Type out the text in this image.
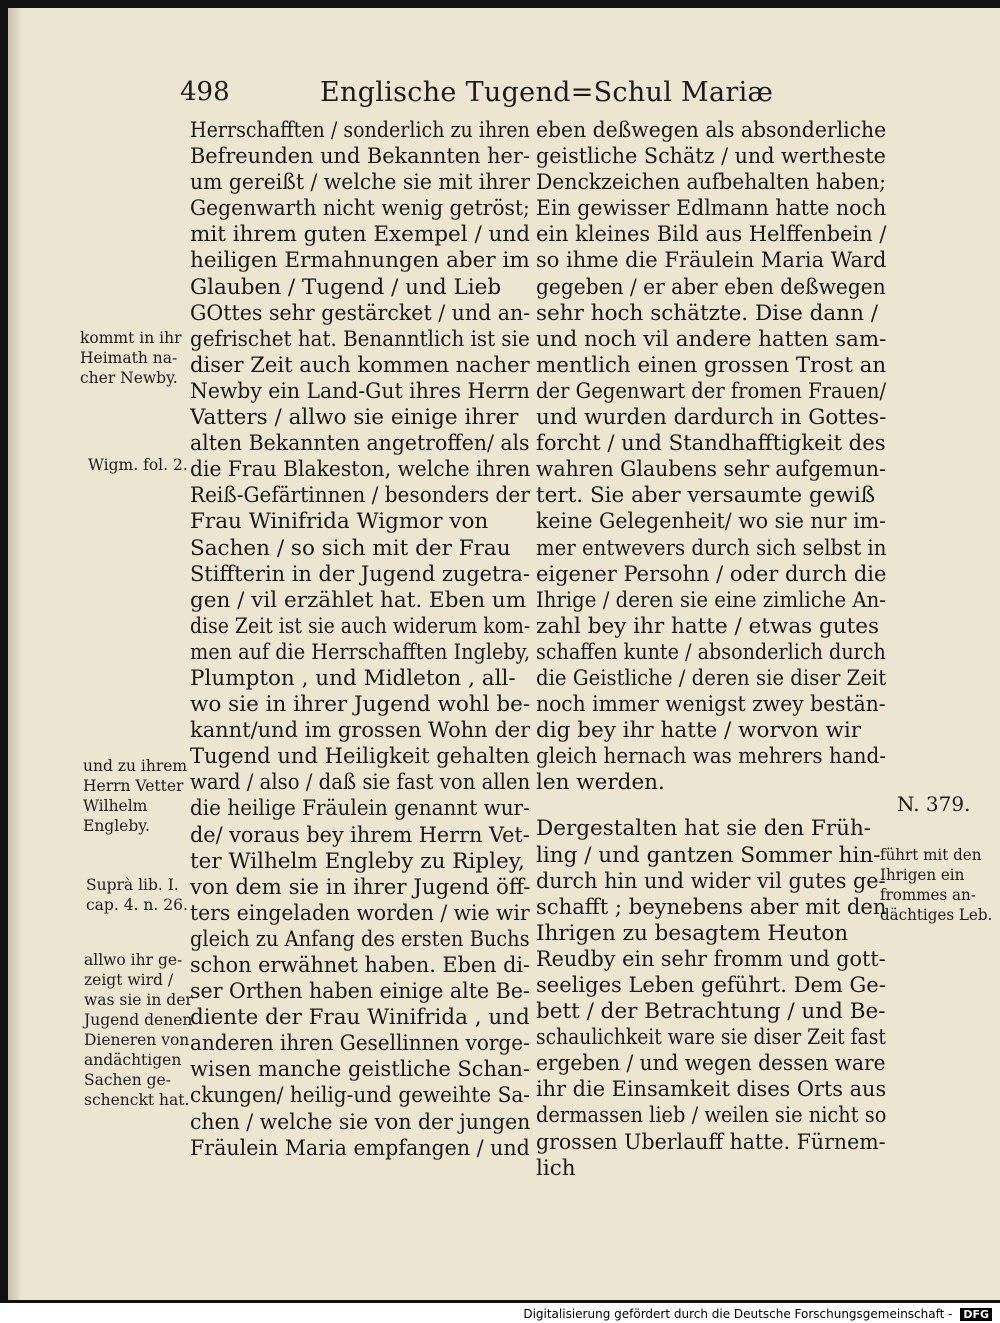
498	Englische Tugend=Schul Mariæ
N. 379.
Herrschafften / sonderlich zu ihren
Befreunden und Bekannten her-
um gereißt / welche sie mit ihrer
Gegenwarth nicht wenig getröst;
mit ihrem guten Exempel / und
heiligen Ermahnungen aber im
Glauben / Tugend / und Lieb
GOttes sehr gestärcket / und an-
gefrischet hat. Benanntlich ist sie
diser Zeit auch kommen nacher
Newby ein Land-Gut ihres Herrn
Vatters / allwo sie einige ihrer
alten Bekannten angetroffen/ als
die Frau Blakeston, welche ihren
Reiß-Gefärtinnen / besonders der
Frau Winifrida Wigmor von
Sachen / so sich mit der Frau
Stiffterin in der Jugend zugetra-
gen / vil erzählet hat. Eben um
dise Zeit ist sie auch widerum kom-
men auf die Herrschafften Ingleby,
Plumpton , und Midleton , all-
wo sie in ihrer Jugend wohl be-
kannt/und im grossen Wohn der
Tugend und Heiligkeit gehalten
ward / also / daß sie fast von allen
die heilige Fräulein genannt wur-
de/ voraus bey ihrem Herrn Vet-
ter Wilhelm Engleby zu Ripley,
von dem sie in ihrer Jugend öff-
ters eingeladen worden / wie wir
gleich zu Anfang des ersten Buchs
schon erwähnet haben. Eben di-
ser Orthen haben einige alte Be-
diente der Frau Winifrida , und
anderen ihren Gesellinnen vorge-
wisen manche geistliche Schan-
ckungen/ heilig-und geweihte Sa-
chen / welche sie von der jungen
Fräulein Maria empfangen / und
eben deßwegen als absonderliche
geistliche Schätz / und wertheste
Denckzeichen aufbehalten haben;
Ein gewisser Edlmann hatte noch
ein kleines Bild aus Helffenbein /
so ihme die Fräulein Maria Ward
gegeben / er aber eben deßwegen
sehr hoch schätzte. Dise dann /
und noch vil andere hatten sam-
mentlich einen grossen Trost an
der Gegenwart der fromen Frauen/
und wurden dardurch in Gottes-
forcht / und Standhafftigkeit des
wahren Glaubens sehr aufgemun-
tert. Sie aber versaumte gewiß
keine Gelegenheit/ wo sie nur im-
mer entwevers durch sich selbst in
eigener Persohn / oder durch die
Ihrige / deren sie eine zimliche An-
zahl bey ihr hatte / etwas gutes
schaffen kunte / absonderlich durch
die Geistliche / deren sie diser Zeit
noch immer wenigst zwey bestän-
dig bey ihr hatte / worvon wir
gleich hernach was mehrers hand-
len werden.
Dergestalten hat sie den Früh-
ling / und gantzen Sommer hin-
durch hin und wider vil gutes ge-
schafft ; beynebens aber mit den
Ihrigen zu besagtem Heuton
Reudby ein sehr fromm und gott-
seeliges Leben geführt. Dem Ge-
bett / der Betrachtung / und Be-
schaulichkeit ware sie diser Zeit fast
ergeben / und wegen dessen ware
ihr die Einsamkeit dises Orts aus
dermassen lieb / weilen sie nicht so
grossen Uberlauff hatte. Fürnem-
lich
kommt in ihr
Heimath na-
cher Newby.
Wigm. fol. 2.
und zu ihrem
Herrn Vetter
Wilhelm
Engleby.
Suprà lib. I.
cap. 4. n. 26.
allwo ihr ge-
zeigt wird /
was sie in der
Jugend denen
Dieneren von
andächtigen
Sachen ge-
schenckt hat.
führt mit den
Ihrigen ein
frommes an-
dächtiges Leb.
Digitalisierung gefördert durch die Deutsche Forschungsgemeinschaft - DFG
